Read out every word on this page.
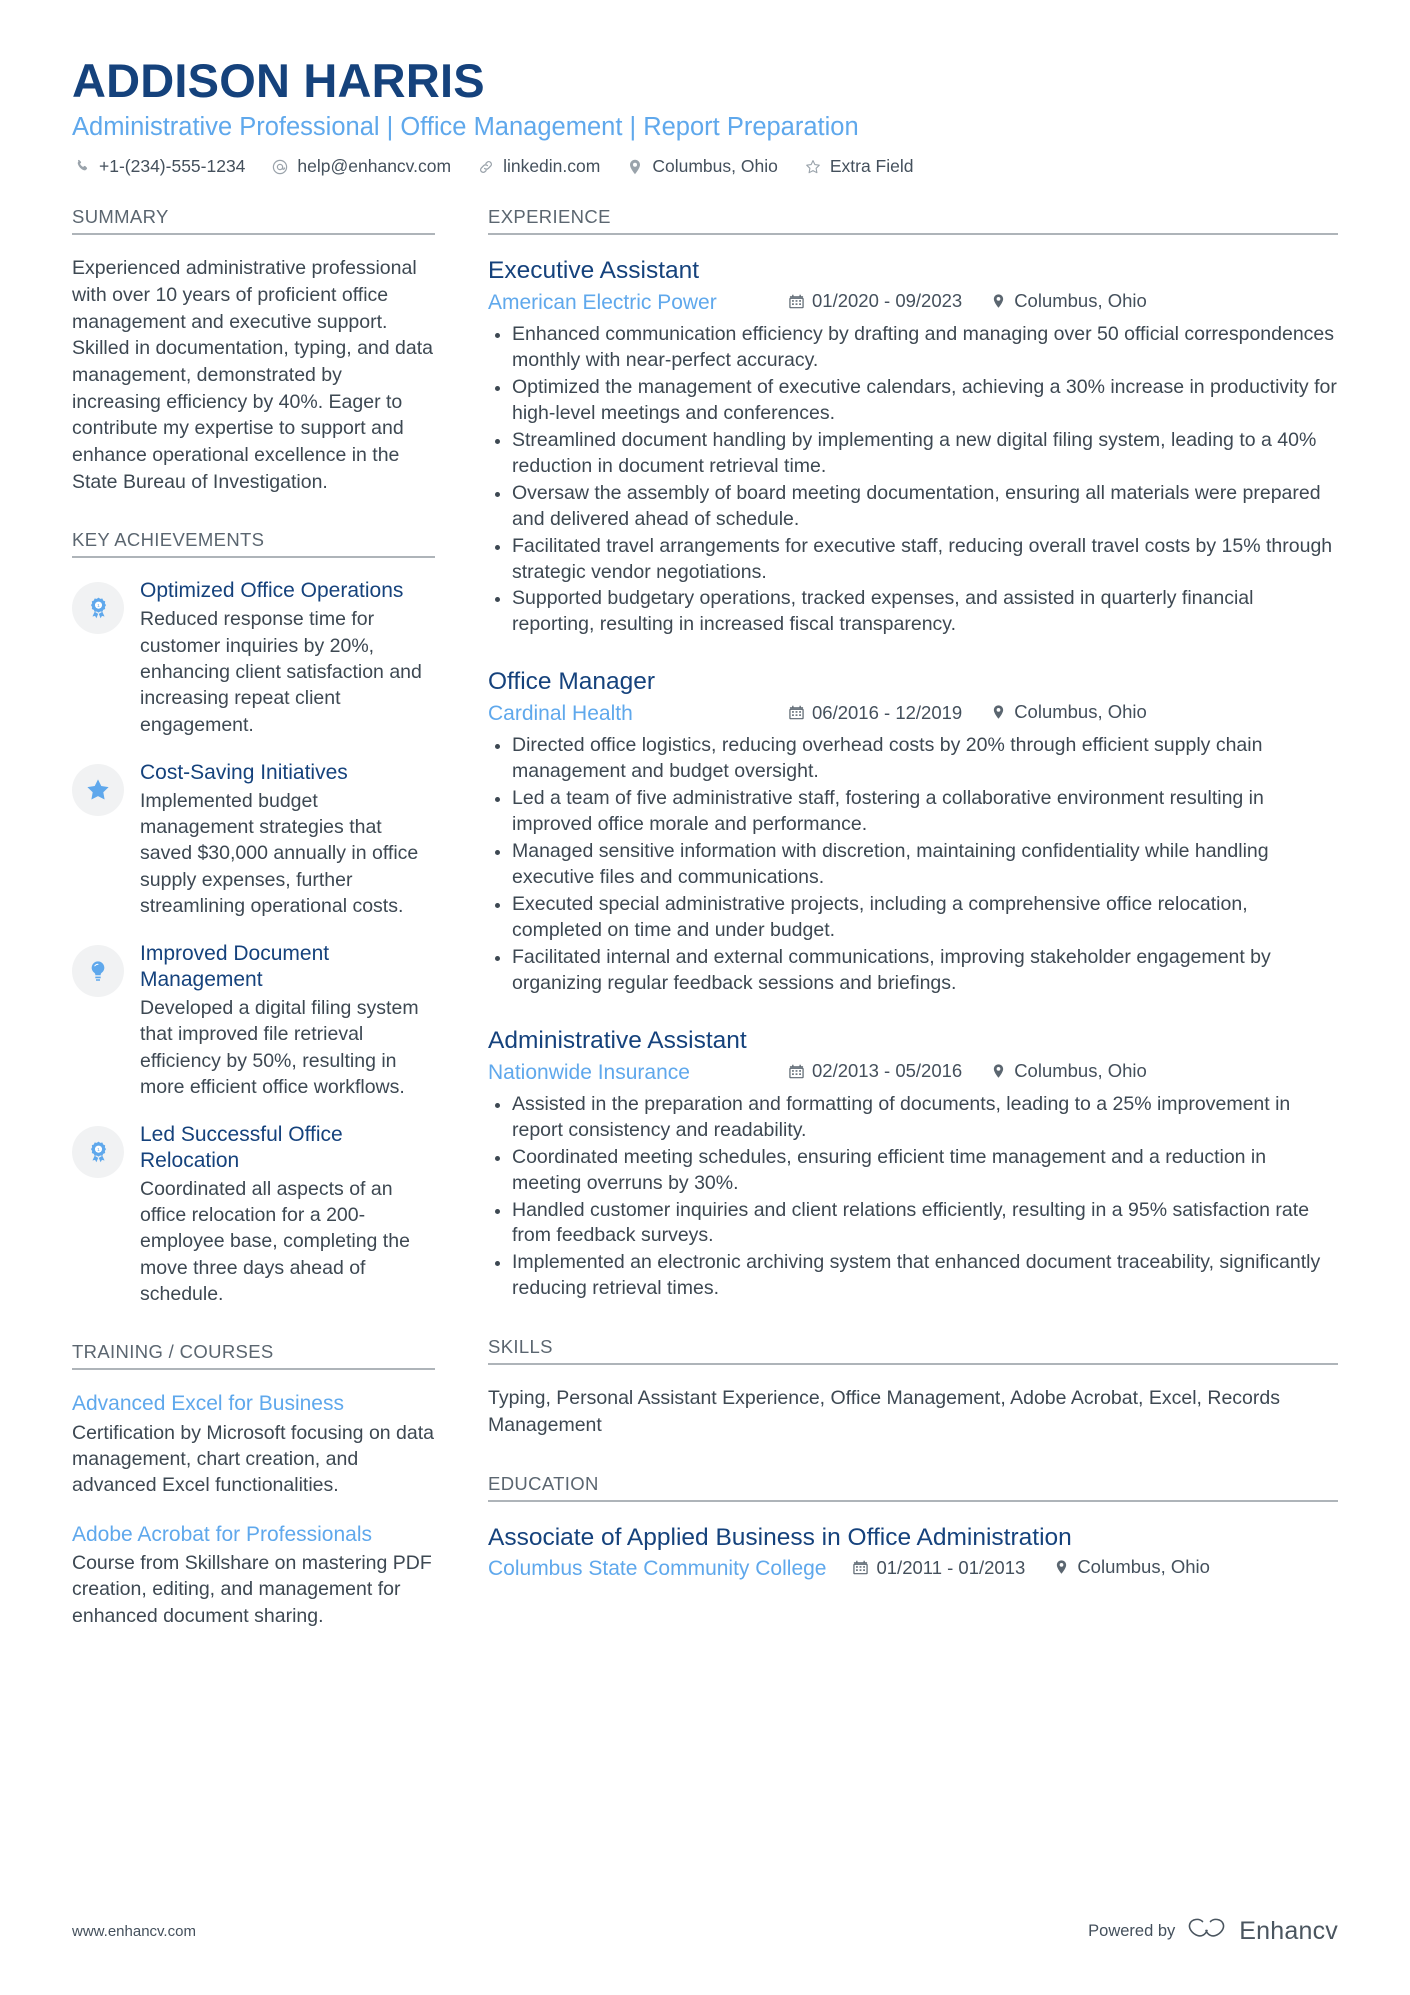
ADDISON HARRIS
Administrative Professional | Office Management | Report Preparation
+1-(234)-555-1234	help@enhancv.com	linkedin.com	Columbus, Ohio	Extra Field
SUMMARY
Experienced administrative professional with over 10 years of proficient office management and executive support. Skilled in documentation, typing, and data management, demonstrated by increasing efficiency by 40%. Eager to contribute my expertise to support and enhance operational excellence in the State Bureau of Investigation.
KEY ACHIEVEMENTS
1
Optimized Office Operations
Reduced response time for customer inquiries by 20%, enhancing client satisfaction and increasing repeat client engagement.
Cost-Saving Initiatives
Implemented budget management strategies that saved $30,000 annually in office supply expenses, further streamlining operational costs.
Improved Document Management
Developed a digital filing system that improved file retrieval efficiency by 50%, resulting in more efficient office workflows.
1
Led Successful Office Relocation
Coordinated all aspects of an office relocation for a 200-employee base, completing the move three days ahead of schedule.
TRAINING / COURSES
Advanced Excel for Business
Certification by Microsoft focusing on data management, chart creation, and advanced Excel functionalities.
Adobe Acrobat for Professionals
Course from Skillshare on mastering PDF creation, editing, and management for enhanced document sharing.
EXPERIENCE
Executive Assistant
American Electric Power	01/2020 - 09/2023	Columbus, Ohio
Enhanced communication efficiency by drafting and managing over 50 official correspondences monthly with near-perfect accuracy.
Optimized the management of executive calendars, achieving a 30% increase in productivity for high-level meetings and conferences.
Streamlined document handling by implementing a new digital filing system, leading to a 40% reduction in document retrieval time.
Oversaw the assembly of board meeting documentation, ensuring all materials were prepared and delivered ahead of schedule.
Facilitated travel arrangements for executive staff, reducing overall travel costs by 15% through strategic vendor negotiations.
Supported budgetary operations, tracked expenses, and assisted in quarterly financial reporting, resulting in increased fiscal transparency.
Office Manager
Cardinal Health	06/2016 - 12/2019	Columbus, Ohio
Directed office logistics, reducing overhead costs by 20% through efficient supply chain management and budget oversight.
Led a team of five administrative staff, fostering a collaborative environment resulting in improved office morale and performance.
Managed sensitive information with discretion, maintaining confidentiality while handling executive files and communications.
Executed special administrative projects, including a comprehensive office relocation, completed on time and under budget.
Facilitated internal and external communications, improving stakeholder engagement by organizing regular feedback sessions and briefings.
Administrative Assistant
Nationwide Insurance	02/2013 - 05/2016	Columbus, Ohio
Assisted in the preparation and formatting of documents, leading to a 25% improvement in report consistency and readability.
Coordinated meeting schedules, ensuring efficient time management and a reduction in meeting overruns by 30%.
Handled customer inquiries and client relations efficiently, resulting in a 95% satisfaction rate from feedback surveys.
Implemented an electronic archiving system that enhanced document traceability, significantly reducing retrieval times.
SKILLS
Typing, Personal Assistant Experience, Office Management, Adobe Acrobat, Excel, Records Management
EDUCATION
Associate of Applied Business in Office Administration
Columbus State Community College	01/2011 - 01/2013	Columbus, Ohio
www.enhancv.com	Powered by	Enhancv
